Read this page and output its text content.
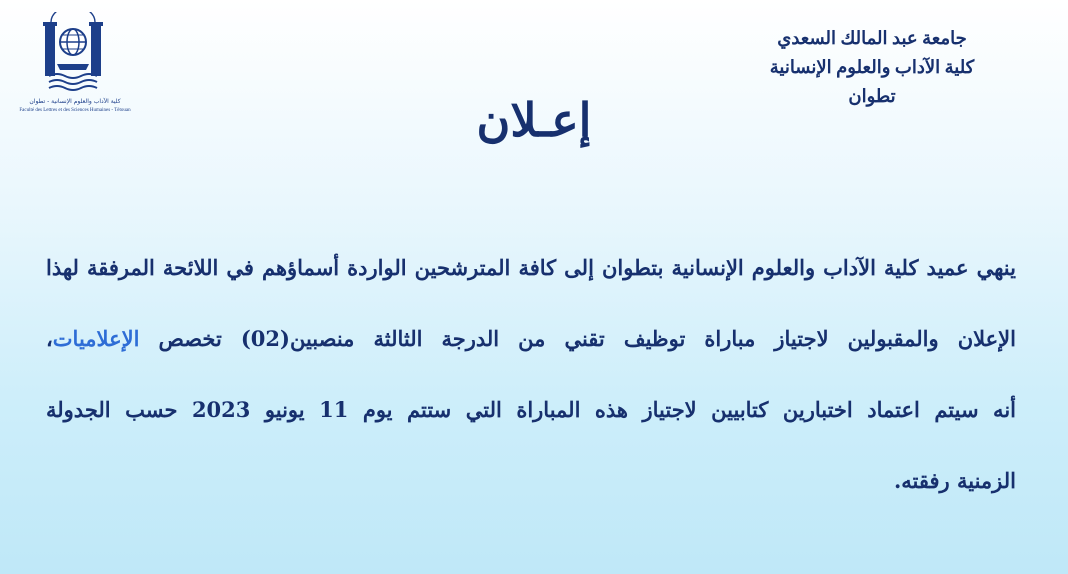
كلية الآداب والعلوم الإنسانية - تطوان
Faculté des Lettres et des Sciences Humaines - Tétouan
جامعة عبد المالك السعدي
كلية الآداب والعلوم الإنسانية
تطوان
إعـلان
ينهي عميد كلية الآداب والعلوم الإنسانية بتطوان إلى كافة المترشحين الواردة أسماؤهم في اللائحة المرفقة لهذا
الإعلان والمقبولين لاجتياز مباراة توظيف تقني من الدرجة الثالثة منصبين(02) تخصص الإعلاميات،
أنه سيتم اعتماد اختبارين كتابيين لاجتياز هذه المباراة التي ستتم يوم 11 يونيو 2023 حسب الجدولة
الزمنية رفقته.
